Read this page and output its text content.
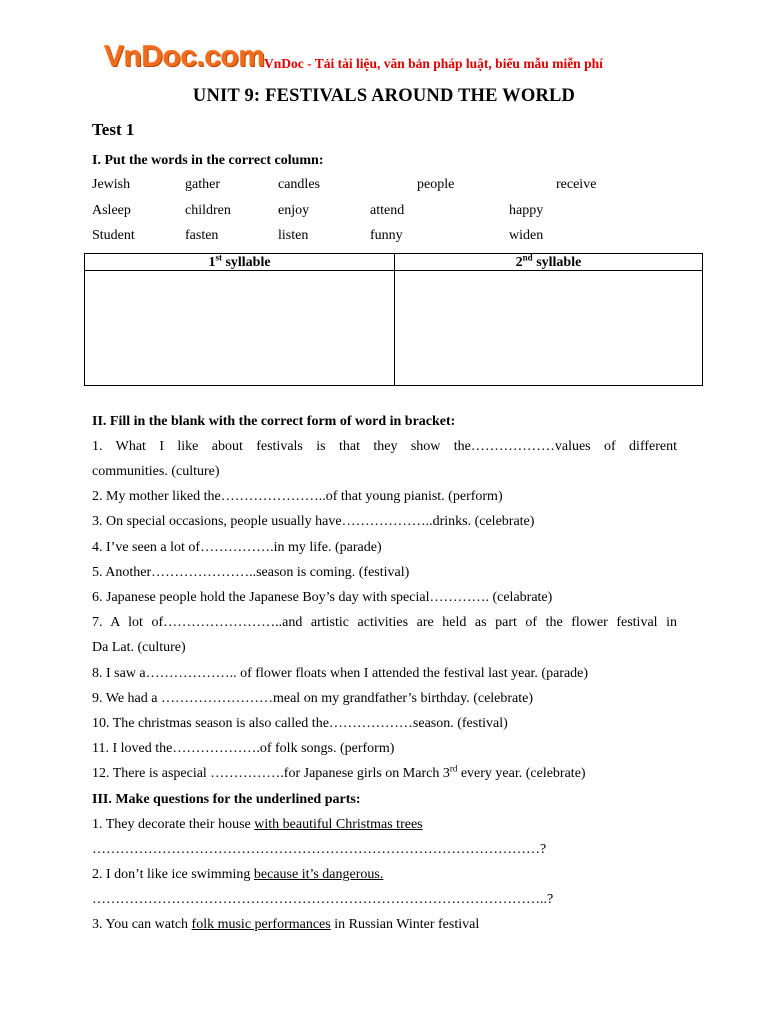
VnDoc.com VnDoc - Tải tài liệu, văn bản pháp luật, biểu mẫu miễn phí
UNIT 9: FESTIVALS AROUND THE WORLD
Test 1
I. Put the words in the correct column:
Jewish	gather	candles	people	receive
Asleep	children	enjoy	attend	happy
Student	fasten	listen	funny	widen
1st syllable	2nd syllable
II. Fill in the blank with the correct form of word in bracket:
1. What I like about festivals is that they show the………………values of different
communities. (culture)
2. My mother liked the…………………..of that young pianist. (perform)
3. On special occasions, people usually have………………..drinks. (celebrate)
4. I’ve seen a lot of…………….in my life. (parade)
5. Another…………………..season is coming. (festival)
6. Japanese people hold the Japanese Boy’s day with special…………. (celabrate)
7. A lot of……………………..and artistic activities are held as part of the flower festival in
Da Lat. (culture)
8. I saw a……………….. of flower floats when I attended the festival last year. (parade)
9. We had a ……………………meal on my grandfather’s birthday. (celebrate)
10. The christmas season is also called the………………season. (festival)
11. I loved the……………….of folk songs. (perform)
12. There is aspecial …………….for Japanese girls on March 3rd every year. (celebrate)
III. Make questions for the underlined parts:
1. They decorate their house with beautiful Christmas trees
……………………………………………………………………………………?
2. I don’t like ice swimming because it’s dangerous.
……………………………………………………………………………………..?
3. You can watch folk music performances in Russian Winter festival
